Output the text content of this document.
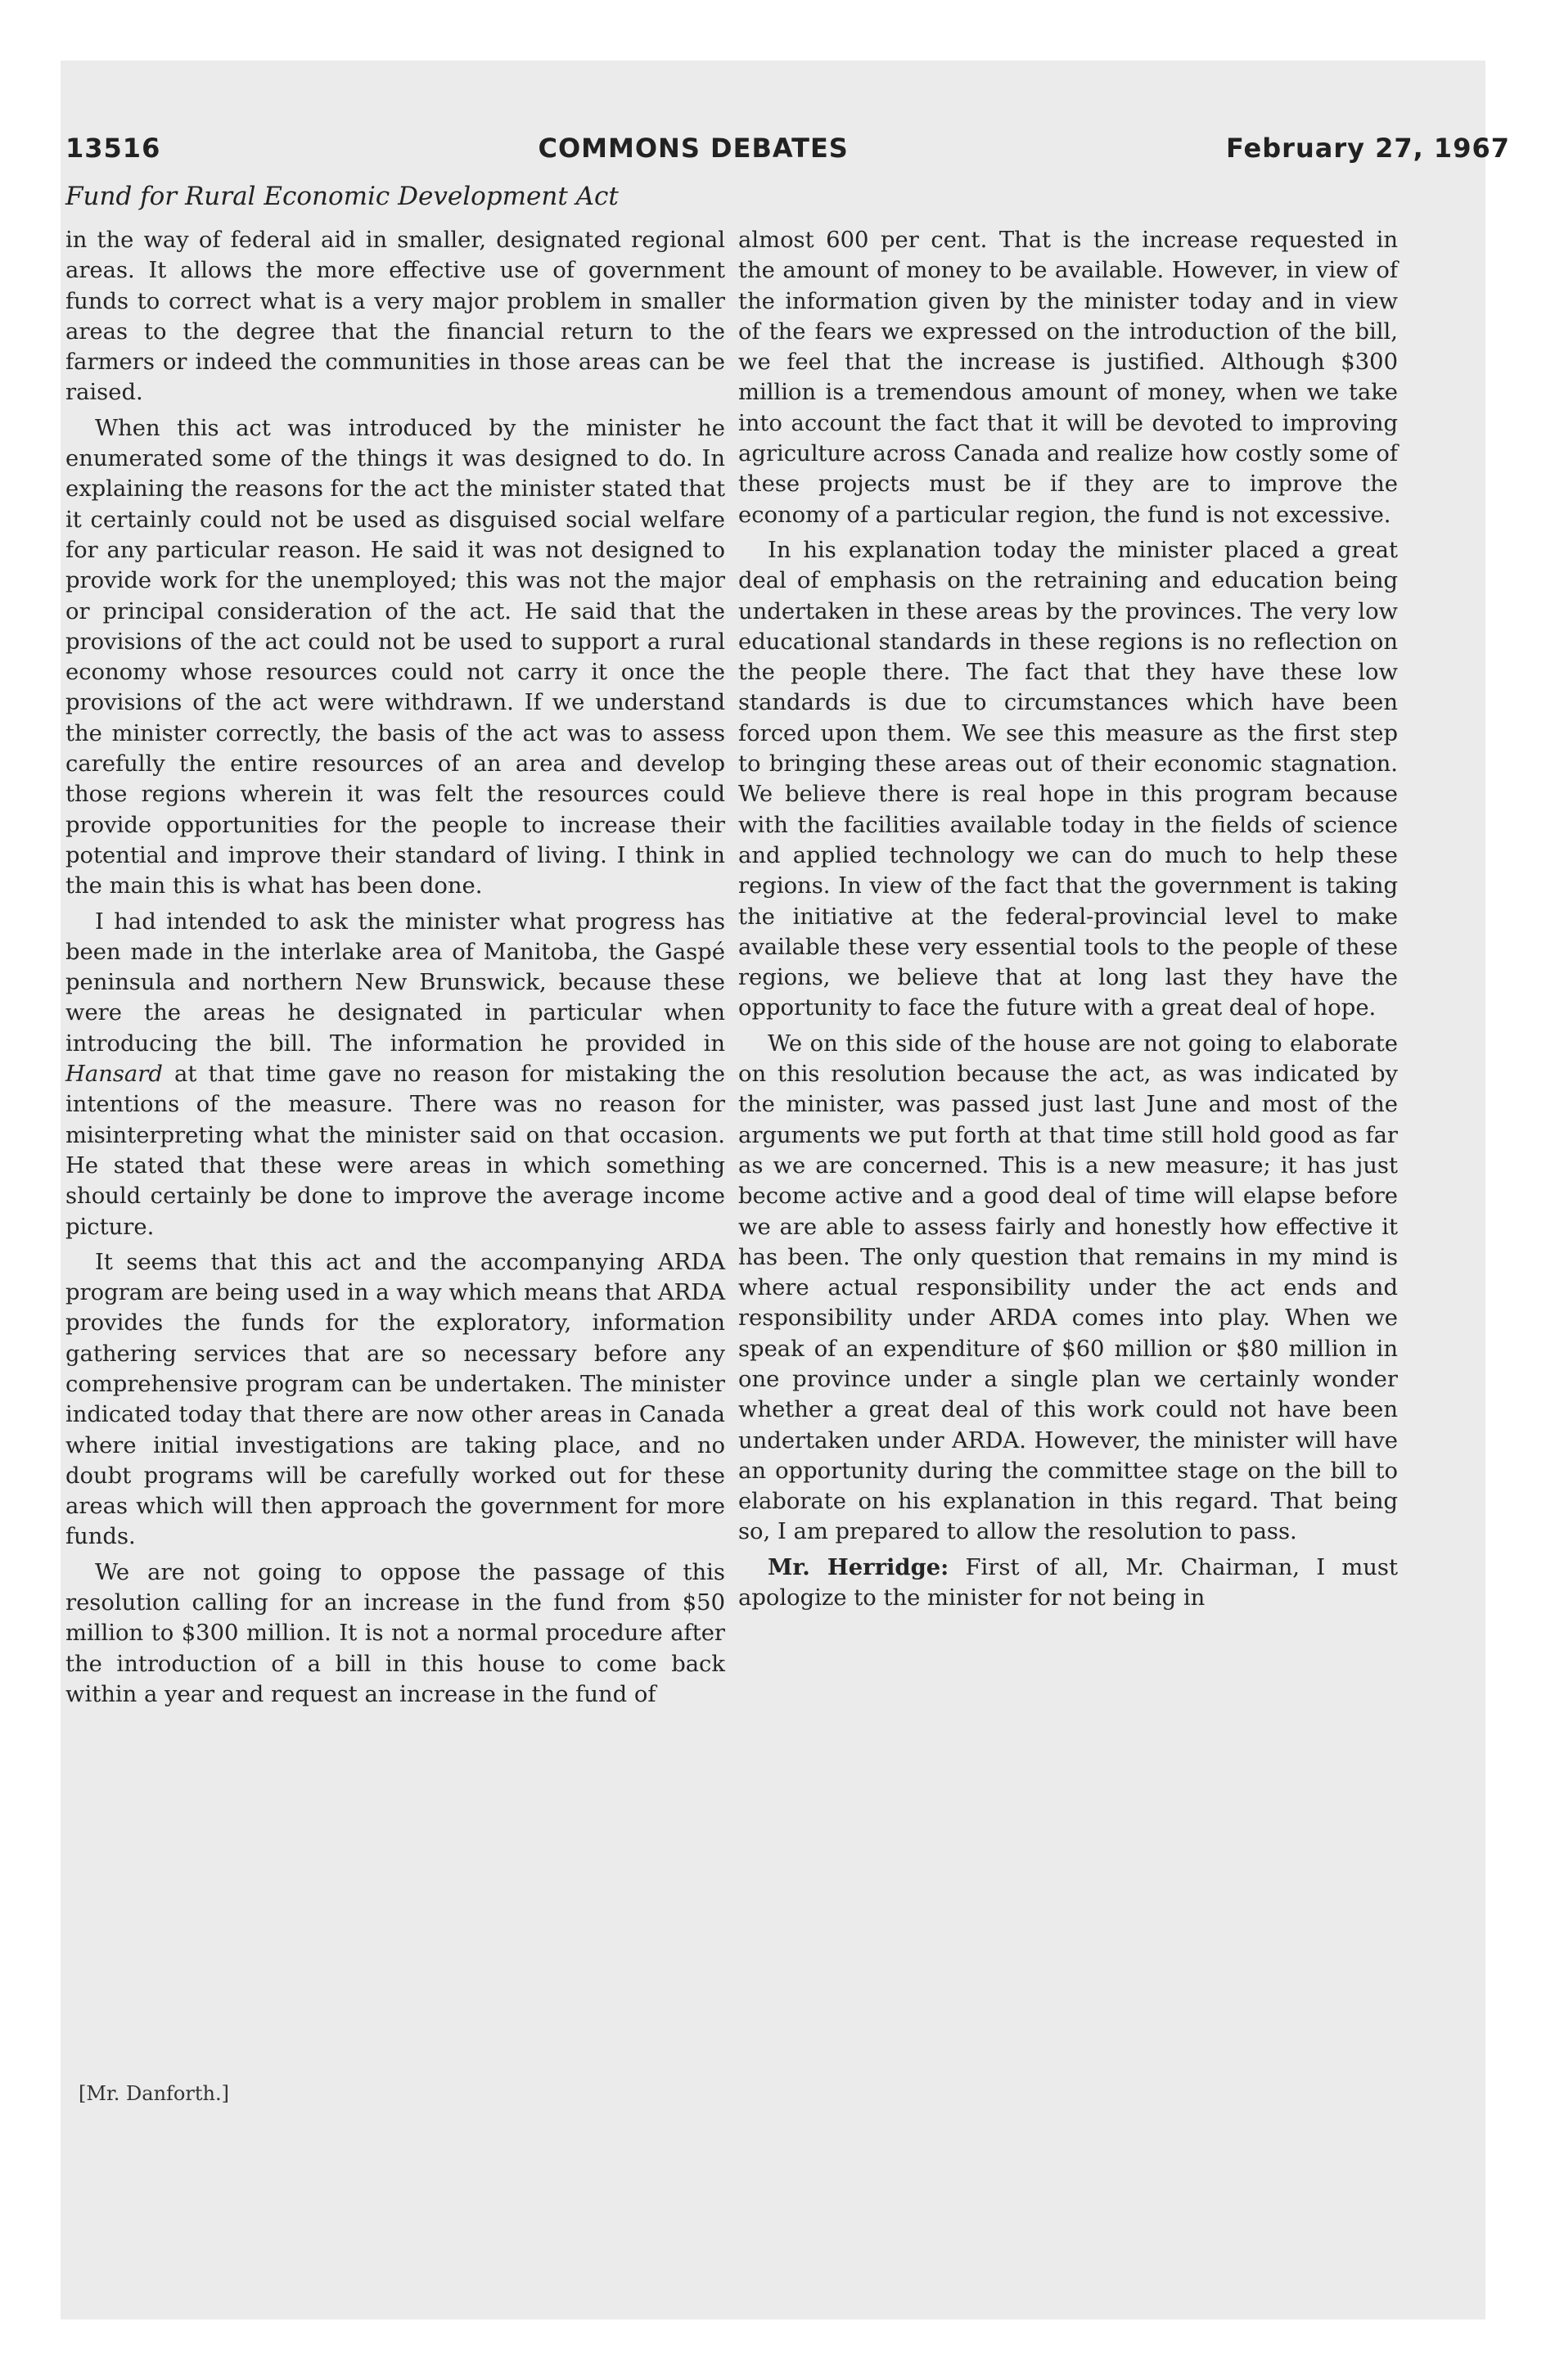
13516	COMMONS DEBATES	February 27, 1967
Fund for Rural Economic Development Act

in the way of federal aid in smaller, designated regional areas. It allows the more effective use of government funds to correct what is a very major problem in smaller areas to the degree that the financial return to the farmers or indeed the communities in those areas can be raised.

When this act was introduced by the minister he enumerated some of the things it was designed to do. In explaining the reasons for the act the minister stated that it certainly could not be used as disguised social welfare for any particular reason. He said it was not designed to provide work for the unemployed; this was not the major or principal consideration of the act. He said that the provisions of the act could not be used to support a rural economy whose resources could not carry it once the provisions of the act were withdrawn. If we understand the minister correctly, the basis of the act was to assess carefully the entire resources of an area and develop those regions wherein it was felt the resources could provide opportunities for the people to increase their potential and improve their standard of living. I think in the main this is what has been done.

I had intended to ask the minister what progress has been made in the interlake area of Manitoba, the Gaspé peninsula and northern New Brunswick, because these were the areas he designated in particular when introducing the bill. The information he provided in Hansard at that time gave no reason for mistaking the intentions of the measure. There was no reason for misinterpreting what the minister said on that occasion. He stated that these were areas in which something should certainly be done to improve the average income picture.

It seems that this act and the accompanying ARDA program are being used in a way which means that ARDA provides the funds for the exploratory, information gathering services that are so necessary before any comprehensive program can be undertaken. The minister indicated today that there are now other areas in Canada where initial investigations are taking place, and no doubt programs will be carefully worked out for these areas which will then approach the government for more funds.

We are not going to oppose the passage of this resolution calling for an increase in the fund from $50 million to $300 million. It is not a normal procedure after the introduction of a bill in this house to come back within a year and request an increase in the fund of

almost 600 per cent. That is the increase requested in the amount of money to be available. However, in view of the information given by the minister today and in view of the fears we expressed on the introduction of the bill, we feel that the increase is justified. Although $300 million is a tremendous amount of money, when we take into account the fact that it will be devoted to improving agriculture across Canada and realize how costly some of these projects must be if they are to improve the economy of a particular region, the fund is not excessive.

In his explanation today the minister placed a great deal of emphasis on the retraining and education being undertaken in these areas by the provinces. The very low educational standards in these regions is no reflection on the people there. The fact that they have these low standards is due to circumstances which have been forced upon them. We see this measure as the first step to bringing these areas out of their economic stagnation. We believe there is real hope in this program because with the facilities available today in the fields of science and applied technology we can do much to help these regions. In view of the fact that the government is taking the initiative at the federal-provincial level to make available these very essential tools to the people of these regions, we believe that at long last they have the opportunity to face the future with a great deal of hope.

We on this side of the house are not going to elaborate on this resolution because the act, as was indicated by the minister, was passed just last June and most of the arguments we put forth at that time still hold good as far as we are concerned. This is a new measure; it has just become active and a good deal of time will elapse before we are able to assess fairly and honestly how effective it has been. The only question that remains in my mind is where actual responsibility under the act ends and responsibility under ARDA comes into play. When we speak of an expenditure of $60 million or $80 million in one province under a single plan we certainly wonder whether a great deal of this work could not have been undertaken under ARDA. However, the minister will have an opportunity during the committee stage on the bill to elaborate on his explanation in this regard. That being so, I am prepared to allow the resolution to pass.

Mr. Herridge: First of all, Mr. Chairman, I must apologize to the minister for not being in

[Mr. Danforth.]
